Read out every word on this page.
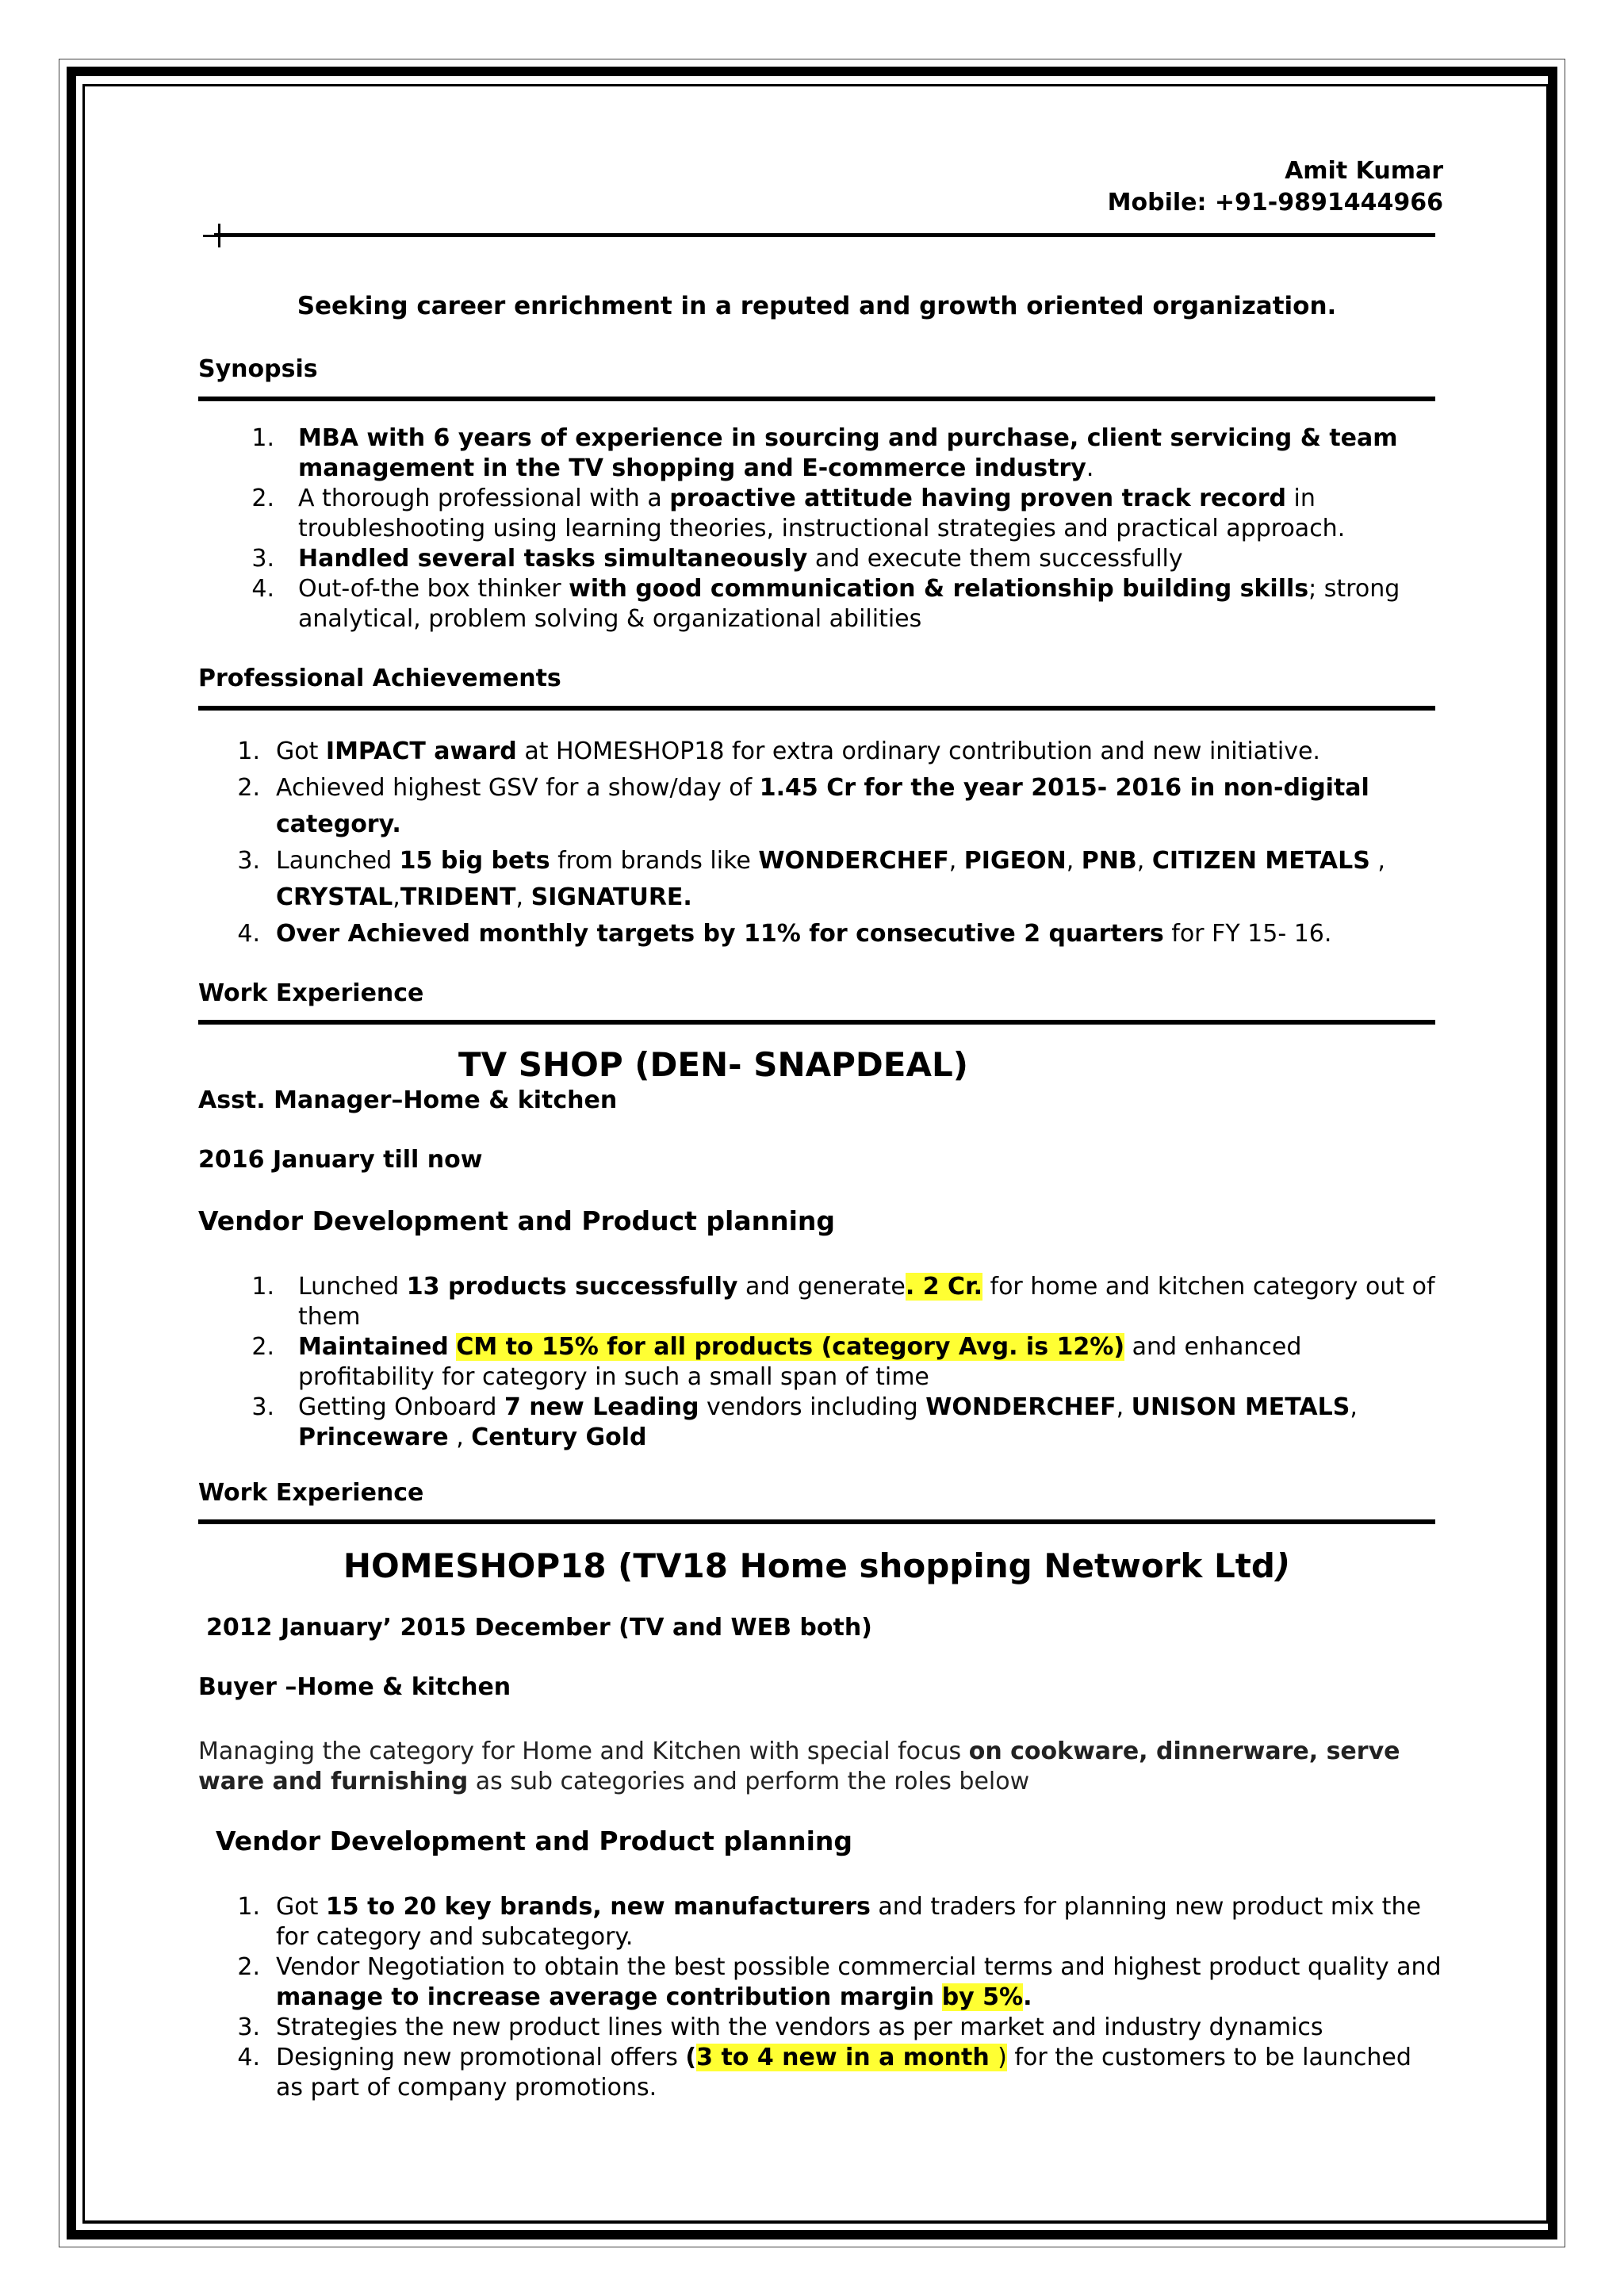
Amit Kumar
Mobile: +91-9891444966
Seeking career enrichment in a reputed and growth oriented organization.
Synopsis
1. MBA with 6 years of experience in sourcing and purchase, client servicing & team management in the TV shopping and E-commerce industry.
2. A thorough professional with a proactive attitude having proven track record in troubleshooting using learning theories, instructional strategies and practical approach.
3. Handled several tasks simultaneously and execute them successfully
4. Out-of-the box thinker with good communication & relationship building skills; strong analytical, problem solving & organizational abilities
Professional Achievements
1. Got IMPACT award at HOMESHOP18 for extra ordinary contribution and new initiative.
2. Achieved highest GSV for a show/day of 1.45 Cr for the year 2015- 2016 in non-digital category.
3. Launched 15 big bets from brands like WONDERCHEF, PIGEON, PNB, CITIZEN METALS , CRYSTAL,TRIDENT, SIGNATURE.
4. Over Achieved monthly targets by 11% for consecutive 2 quarters for FY 15- 16.
Work Experience
TV SHOP (DEN- SNAPDEAL)
Asst. Manager–Home & kitchen
2016 January till now
Vendor Development and Product planning
1. Lunched 13 products successfully and generate. 2 Cr. for home and kitchen category out of them
2. Maintained CM to 15% for all products (category Avg. is 12%) and enhanced profitability for category in such a small span of time
3. Getting Onboard 7 new Leading vendors including WONDERCHEF, UNISON METALS, Princeware , Century Gold
Work Experience
HOMESHOP18 (TV18 Home shopping Network Ltd)
2012 January’ 2015 December (TV and WEB both)
Buyer –Home & kitchen
Managing the category for Home and Kitchen with special focus on cookware, dinnerware, serve ware and furnishing as sub categories and perform the roles below
Vendor Development and Product planning
1. Got 15 to 20 key brands, new manufacturers and traders for planning new product mix the for category and subcategory.
2. Vendor Negotiation to obtain the best possible commercial terms and highest product quality and manage to increase average contribution margin by 5%.
3. Strategies the new product lines with the vendors as per market and industry dynamics
4. Designing new promotional offers (3 to 4 new in a month ) for the customers to be launched as part of company promotions.
